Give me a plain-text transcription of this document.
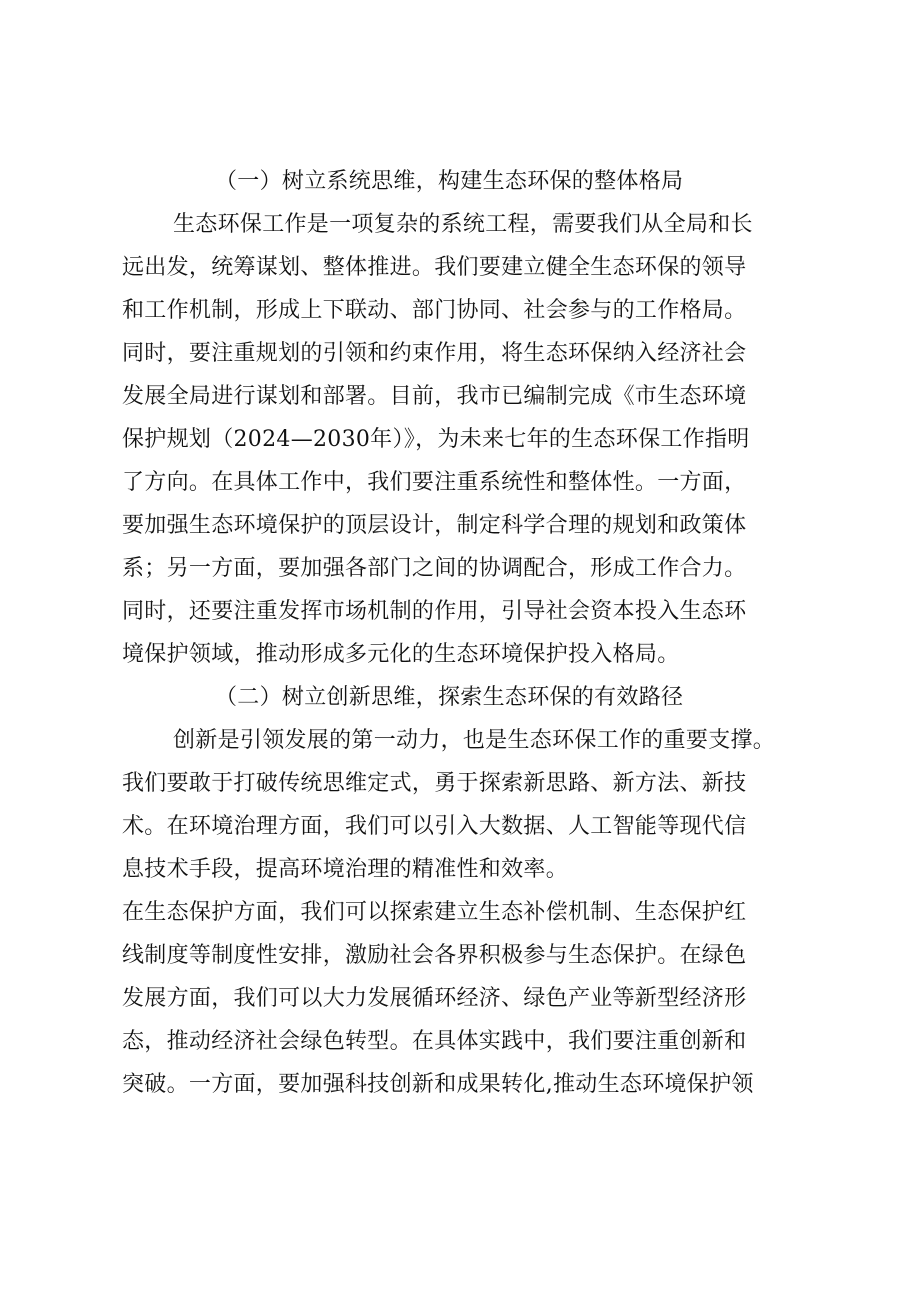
（一）树立系统思维，构建生态环保的整体格局
生态环保工作是一项复杂的系统工程，需要我们从全局和长
远出发，统筹谋划、整体推进。我们要建立健全生态环保的领导
和工作机制，形成上下联动、部门协同、社会参与的工作格局。
同时，要注重规划的引领和约束作用，将生态环保纳入经济社会
发展全局进行谋划和部署。目前，我市已编制完成《市生态环境
保护规划（2024—2030年）》，为未来七年的生态环保工作指明
了方向。在具体工作中，我们要注重系统性和整体性。一方面，
要加强生态环境保护的顶层设计，制定科学合理的规划和政策体
系；另一方面，要加强各部门之间的协调配合，形成工作合力。
同时，还要注重发挥市场机制的作用，引导社会资本投入生态环
境保护领域，推动形成多元化的生态环境保护投入格局。
（二）树立创新思维，探索生态环保的有效路径
创新是引领发展的第一动力，也是生态环保工作的重要支撑。
我们要敢于打破传统思维定式，勇于探索新思路、新方法、新技
术。在环境治理方面，我们可以引入大数据、人工智能等现代信
息技术手段，提高环境治理的精准性和效率。
在生态保护方面，我们可以探索建立生态补偿机制、生态保护红
线制度等制度性安排，激励社会各界积极参与生态保护。在绿色
发展方面，我们可以大力发展循环经济、绿色产业等新型经济形
态，推动经济社会绿色转型。在具体实践中，我们要注重创新和
突破。一方面，要加强科技创新和成果转化,推动生态环境保护领
